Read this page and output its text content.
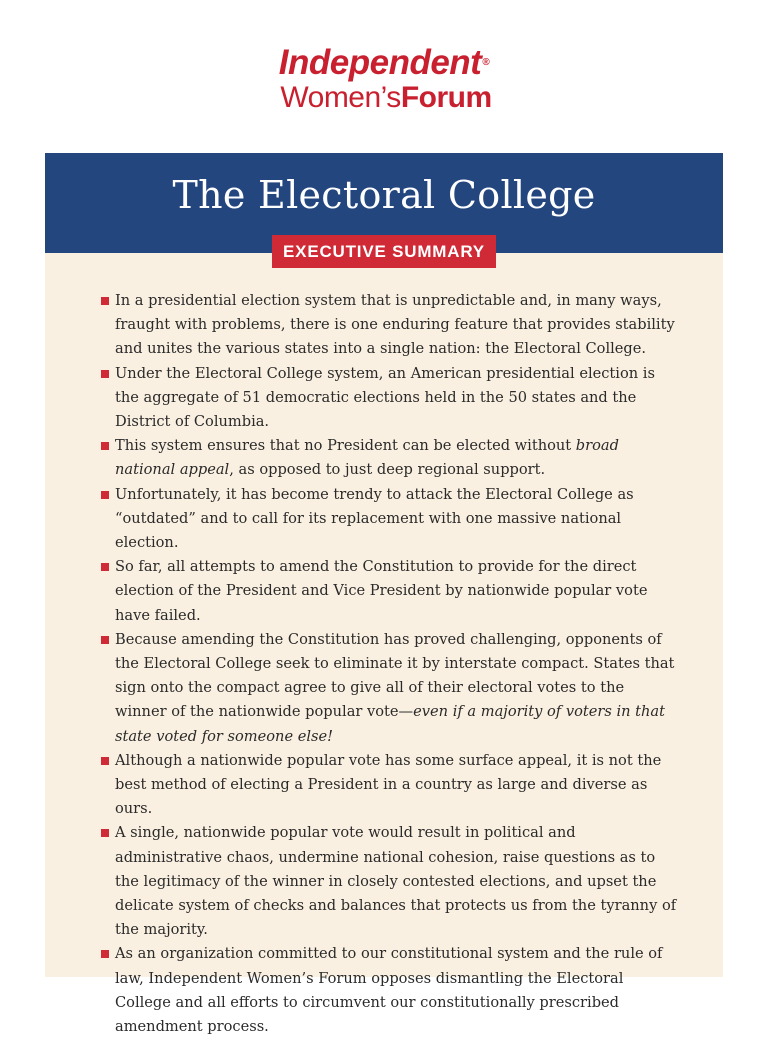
Independent®
Women’sForum
The Electoral College
EXECUTIVE SUMMARY
In a presidential election system that is unpredictable and, in many ways, fraught with problems, there is one enduring feature that provides stability and unites the various states into a single nation: the Electoral College.
Under the Electoral College system, an American presidential election is the aggregate of 51 democratic elections held in the 50 states and the District of Columbia.
This system ensures that no President can be elected without broad national appeal, as opposed to just deep regional support.
Unfortunately, it has become trendy to attack the Electoral College as “outdated” and to call for its replacement with one massive national election.
So far, all attempts to amend the Constitution to provide for the direct election of the President and Vice President by nationwide popular vote have failed.
Because amending the Constitution has proved challenging, opponents of the Electoral College seek to eliminate it by interstate compact. States that sign onto the compact agree to give all of their electoral votes to the winner of the nationwide popular vote—even if a majority of voters in that state voted for someone else!
Although a nationwide popular vote has some surface appeal, it is not the best method of electing a President in a country as large and diverse as ours.
A single, nationwide popular vote would result in political and administrative chaos, undermine national cohesion, raise questions as to the legitimacy of the winner in closely contested elections, and upset the delicate system of checks and balances that protects us from the tyranny of the majority.
As an organization committed to our constitutional system and the rule of law, Independent Women’s Forum opposes dismantling the Electoral College and all efforts to circumvent our constitutionally prescribed amendment process.
